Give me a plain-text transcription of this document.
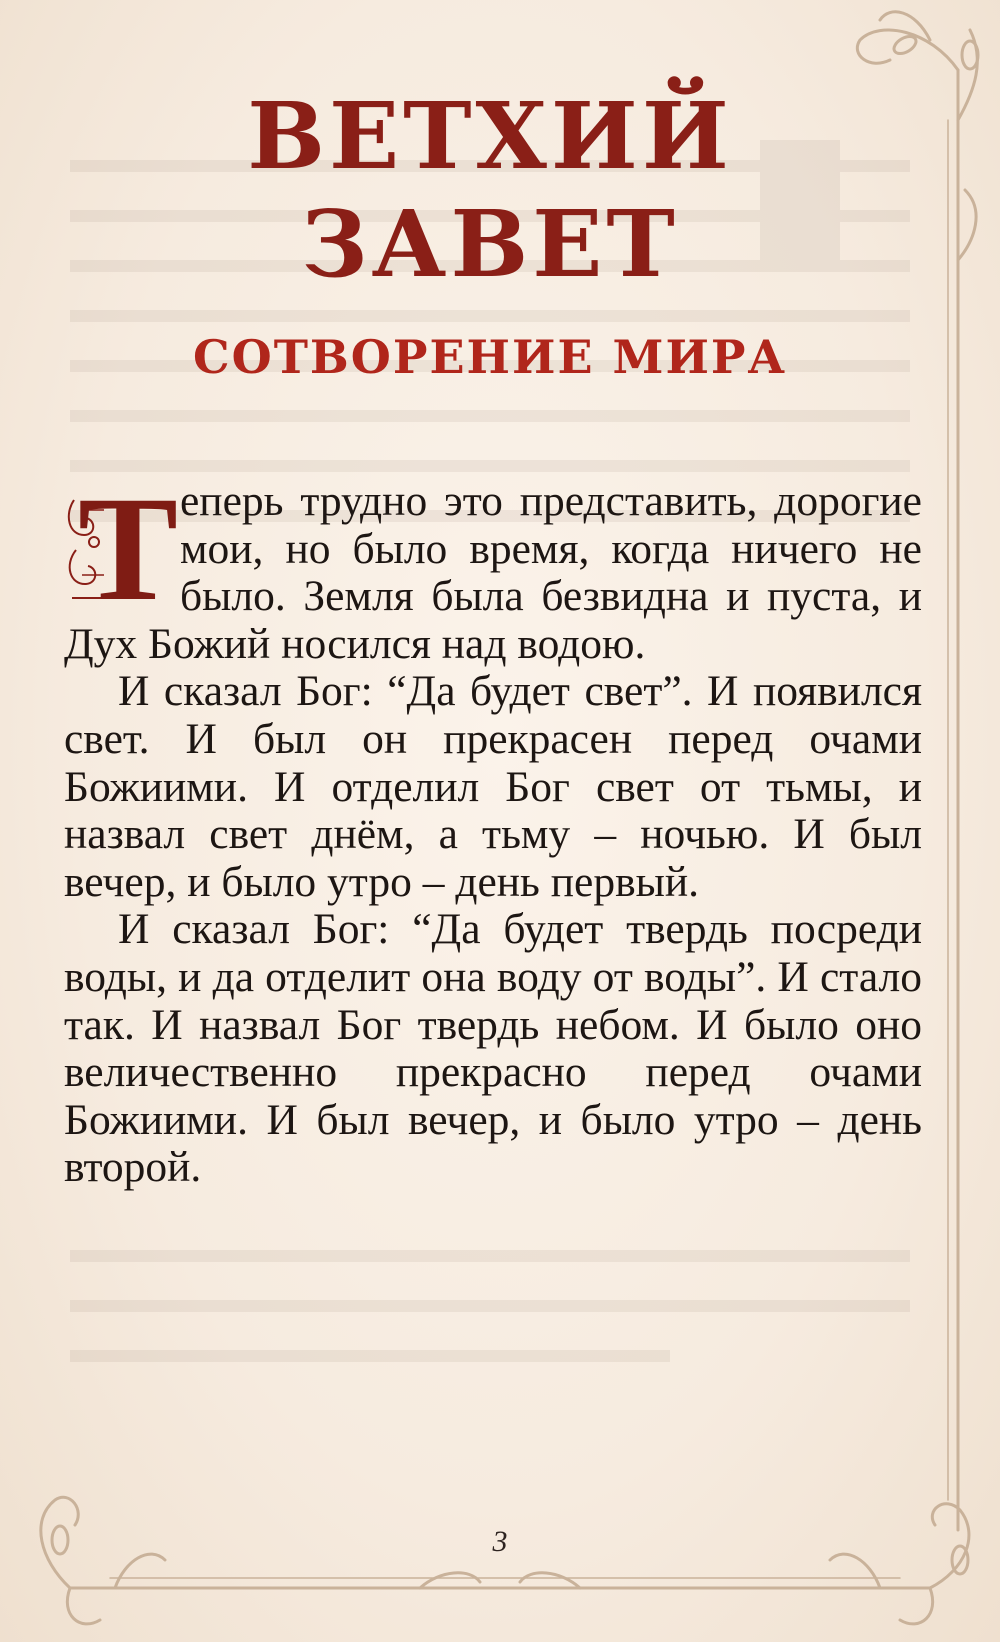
ВЕТХИЙ ЗАВЕТ
СОТВОРЕНИЕ МИРА
Т еперь трудно это представить, дорогие мои, но было время, когда ничего не было. Земля была безвидна и пуста, и Дух Божий носился над водою.

И сказал Бог: “Да будет свет”. И появился свет. И был он прекрасен перед очами Божиими. И отделил Бог свет от тьмы, и назвал свет днём, а тьму – ночью. И был вечер, и было утро – день первый.

И сказал Бог: “Да будет твердь посреди воды, и да отделит она воду от воды”. И стало так. И назвал Бог твердь небом. И было оно величественно прекрасно перед очами Божиими. И был вечер, и было утро – день второй.

3
